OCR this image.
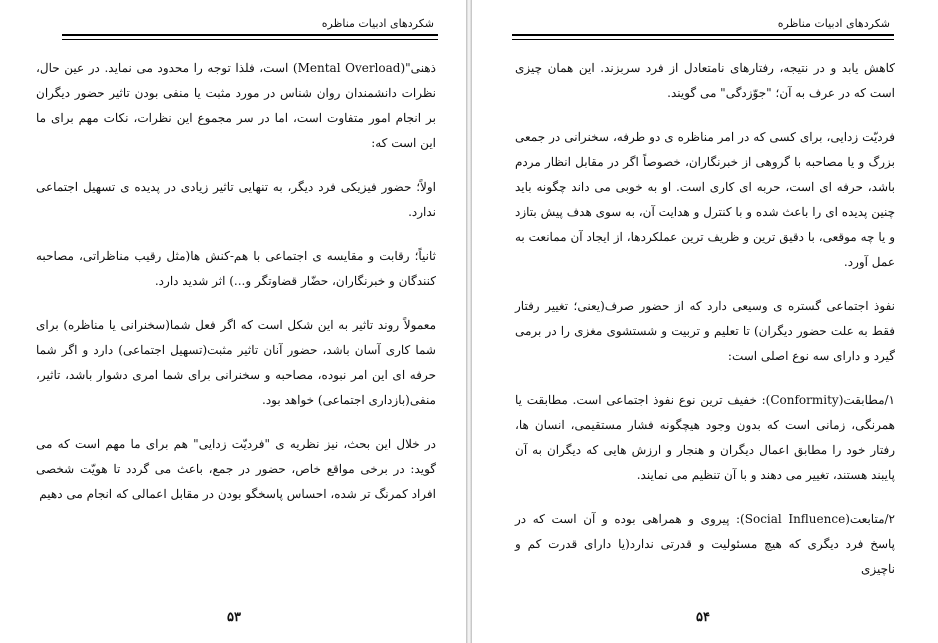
شکردهای ادبیات مناظره

ذهنی"(Mental Overload) است، فلذا توجه را محدود می نماید. در عین حال، نظرات دانشمندان روان شناس در مورد مثبت یا منفی بودن تاثیر حضور دیگران بر انجام امور متفاوت است، اما در سر مجموع این نظرات، نکات مهم برای ما این است که:

اولاً؛ حضور فیزیکی فرد دیگر، به تنهایی تاثیر زیادی در پدیده ی تسهیل اجتماعی ندارد.

ثانیاً؛ رقابت و مقایسه ی اجتماعی با هم-کنش ها(مثل رقیب مناظراتی، مصاحبه کنندگان و خبرنگاران، حضّار قضاوتگر و...) اثر شدید دارد.

معمولاً روند تاثیر به این شکل است که اگر فعل شما(سخنرانی یا مناظره) برای شما کاری آسان باشد، حضور آنان تاثیر مثبت(تسهیل اجتماعی) دارد و اگر شما حرفه ای این امر نبوده، مصاحبه و سخنرانی برای شما امری دشوار باشد، تاثیر، منفی(بازداری اجتماعی) خواهد بود.

در خلال این بحث، نیز نظریه ی "فردیّت زدایی" هم برای ما مهم است که می گوید: در برخی مواقع خاص، حضور در جمع، باعث می گردد تا هویّت شخصی افراد کمرنگ تر شده، احساس پاسخگو بودن در مقابل اعمالی که انجام می دهیم

۵۳
شکردهای ادبیات مناظره

کاهش یابد و در نتیجه، رفتارهای نامتعادل از فرد سربزند. این همان چیزی است که در عرف به آن؛ "جوّزدگی" می گویند.

فردیّت زدایی، برای کسی که در امر مناظره ی دو طرفه، سخنرانی در جمعی بزرگ و یا مصاحبه با گروهی از خبرنگاران، خصوصاً اگر در مقابل انظار مردم باشد، حرفه ای است، حربه ای کاری است. او به خوبی می داند چگونه باید چنین پدیده ای را باعث شده و با کنترل و هدایت آن، به سوی هدف پیش بتازد و یا چه موقعی، با دقیق ترین و ظریف ترین عملکردها، از ایجاد آن ممانعت به عمل آورد.

نفوذ اجتماعی گستره ی وسیعی دارد که از حضور صرف(یعنی؛ تغییر رفتار فقط به علت حضور دیگران) تا تعلیم و تربیت و شستشوی مغزی را در برمی گیرد و دارای سه نوع اصلی است:

۱/مطابقت(Conformity): خفیف ترین نوع نفوذ اجتماعی است. مطابقت یا همرنگی، زمانی است که بدون وجود هیچگونه فشار مستقیمی، انسان ها، رفتار خود را مطابق اعمال دیگران و هنجار و ارزش هایی که دیگران به آن پایبند هستند، تغییر می دهند و با آن تنظیم می نمایند.

۲/متابعت(Social Influence): پیروی و همراهی بوده و آن است که در پاسخ فرد دیگری که هیچ مسئولیت و قدرتی ندارد(یا دارای قدرت کم و ناچیزی

۵۴
